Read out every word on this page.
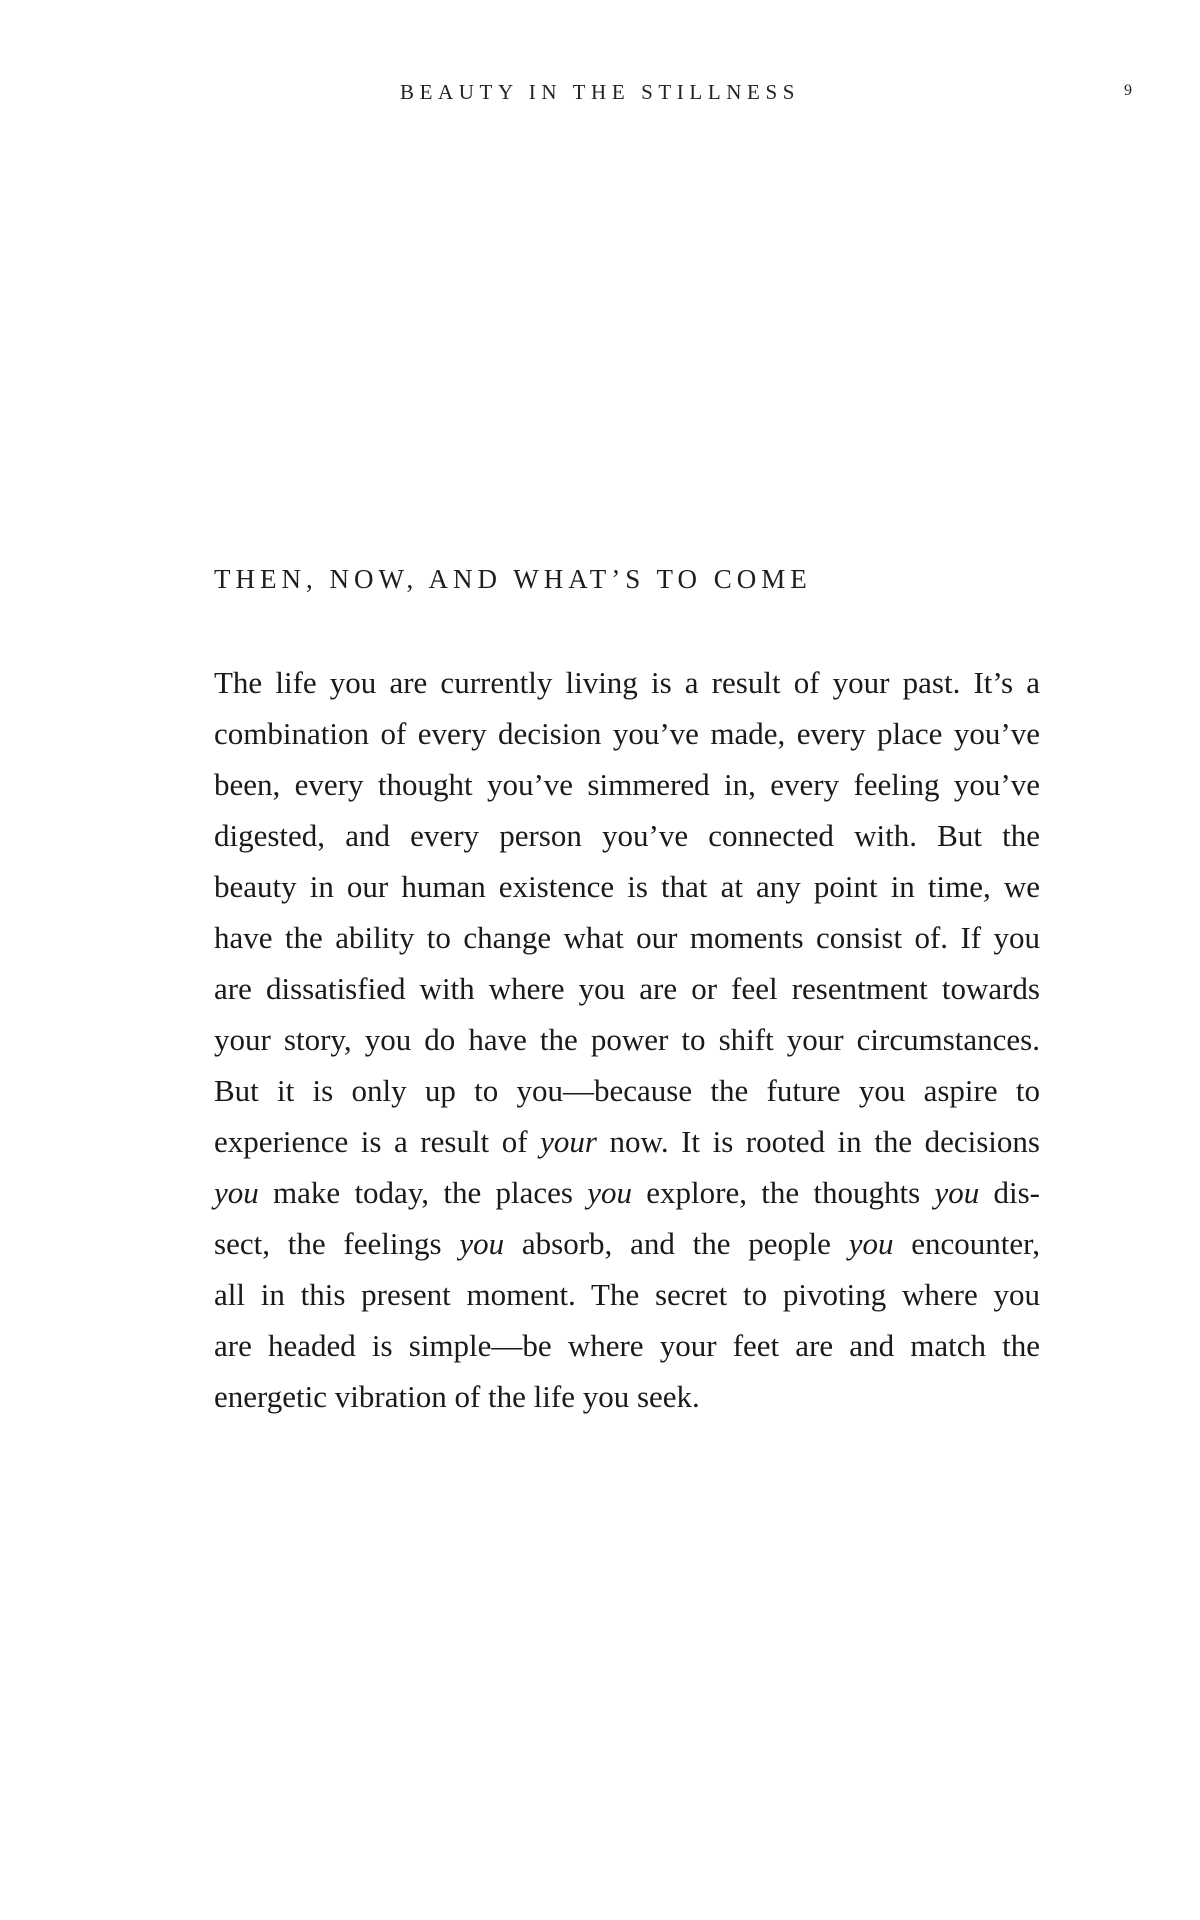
BEAUTY IN THE STILLNESS	9
THEN, NOW, AND WHAT’S TO COME
The life you are currently living is a result of your past. It’s a
combination of every decision you’ve made, every place you’ve
been, every thought you’ve simmered in, every feeling you’ve
digested, and every person you’ve connected with. But the
beauty in our human existence is that at any point in time, we
have the ability to change what our moments consist of. If you
are dissatisfied with where you are or feel resentment towards
your story, you do have the power to shift your circumstances.
But it is only up to you—because the future you aspire to
experience is a result of your now. It is rooted in the decisions
you make today, the places you explore, the thoughts you dis-
sect, the feelings you absorb, and the people you encounter,
all in this present moment. The secret to pivoting where you
are headed is simple—be where your feet are and match the
energetic vibration of the life you seek.
